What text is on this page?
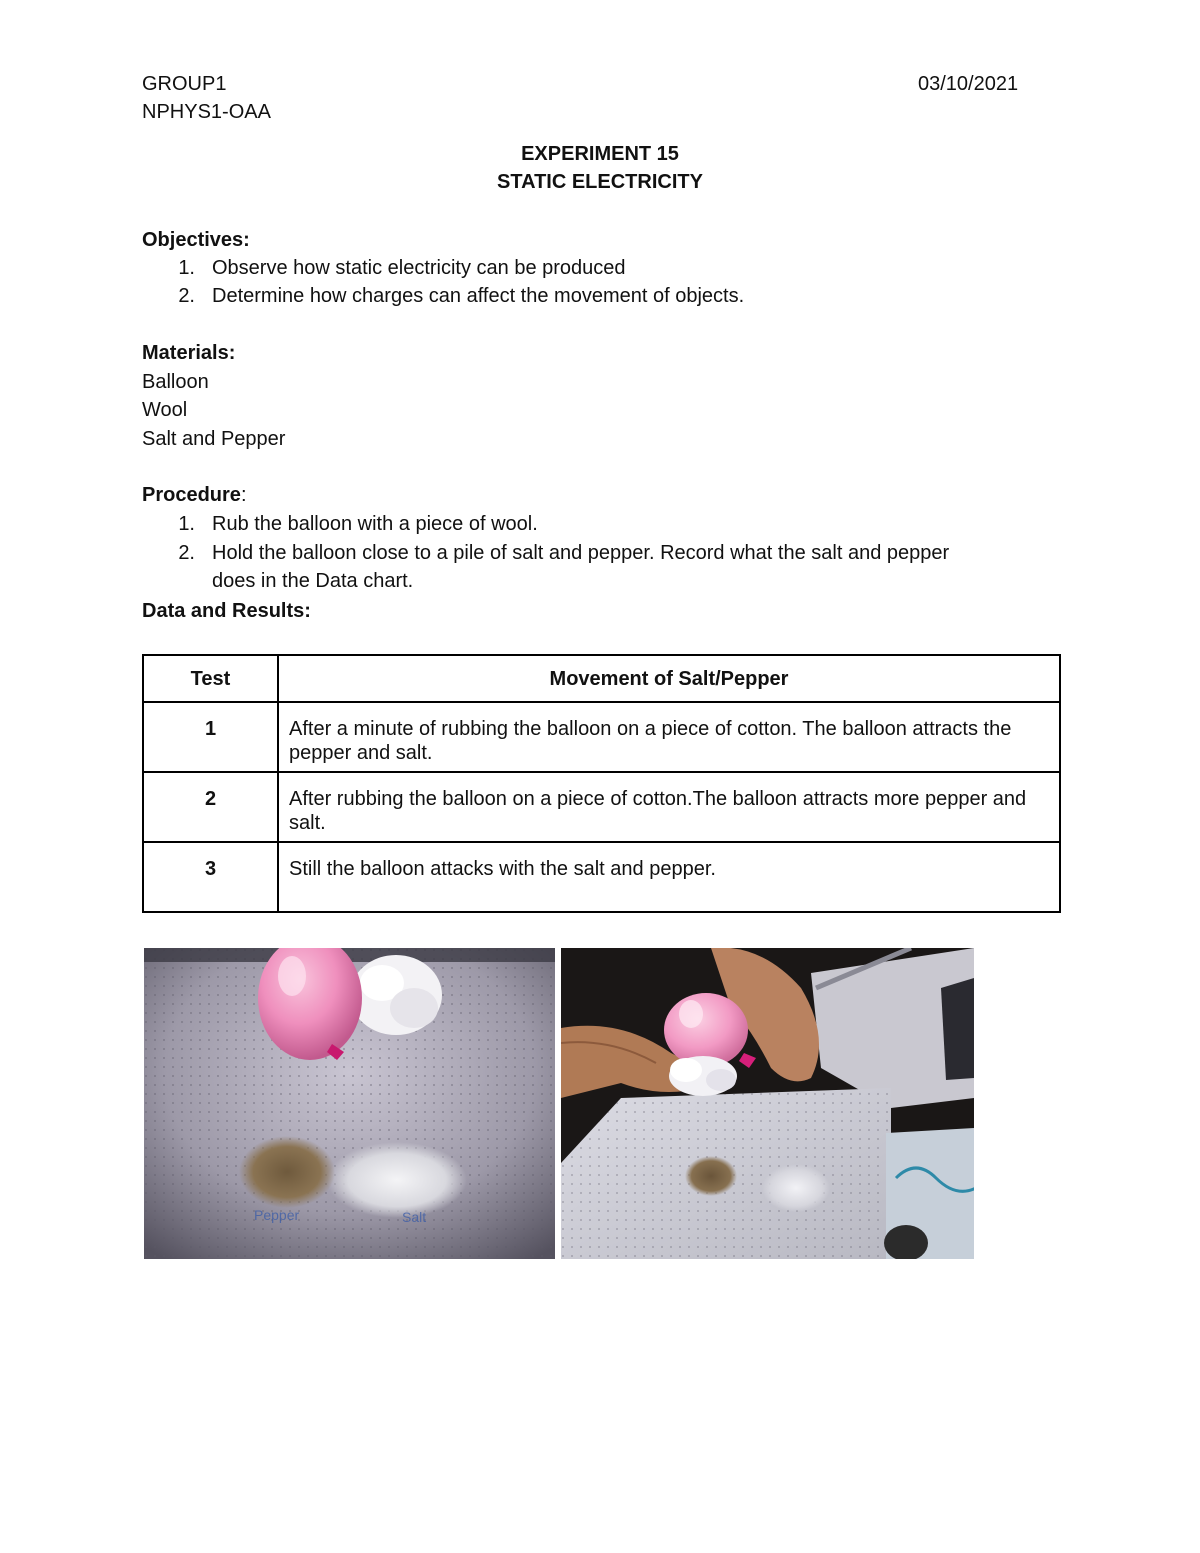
GROUP1
NPHYS1-OAA
03/10/2021
EXPERIMENT 15
STATIC ELECTRICITY
Objectives:
1. Observe how static electricity can be produced
2. Determine how charges can affect the movement of objects.
Materials:
Balloon
Wool
Salt and Pepper
Procedure:
1. Rub the balloon with a piece of wool.
2. Hold the balloon close to a pile of salt and pepper. Record what the salt and pepper
does in the Data chart.
Data and Results:
Test	Movement of Salt/Pepper
1	After a minute of rubbing the balloon on a piece of cotton. The balloon attracts the pepper and salt.
2	After rubbing the balloon on a piece of cotton.The balloon attracts more pepper and salt.
3	Still the balloon attacks with the salt and pepper.
Pepper	Salt
